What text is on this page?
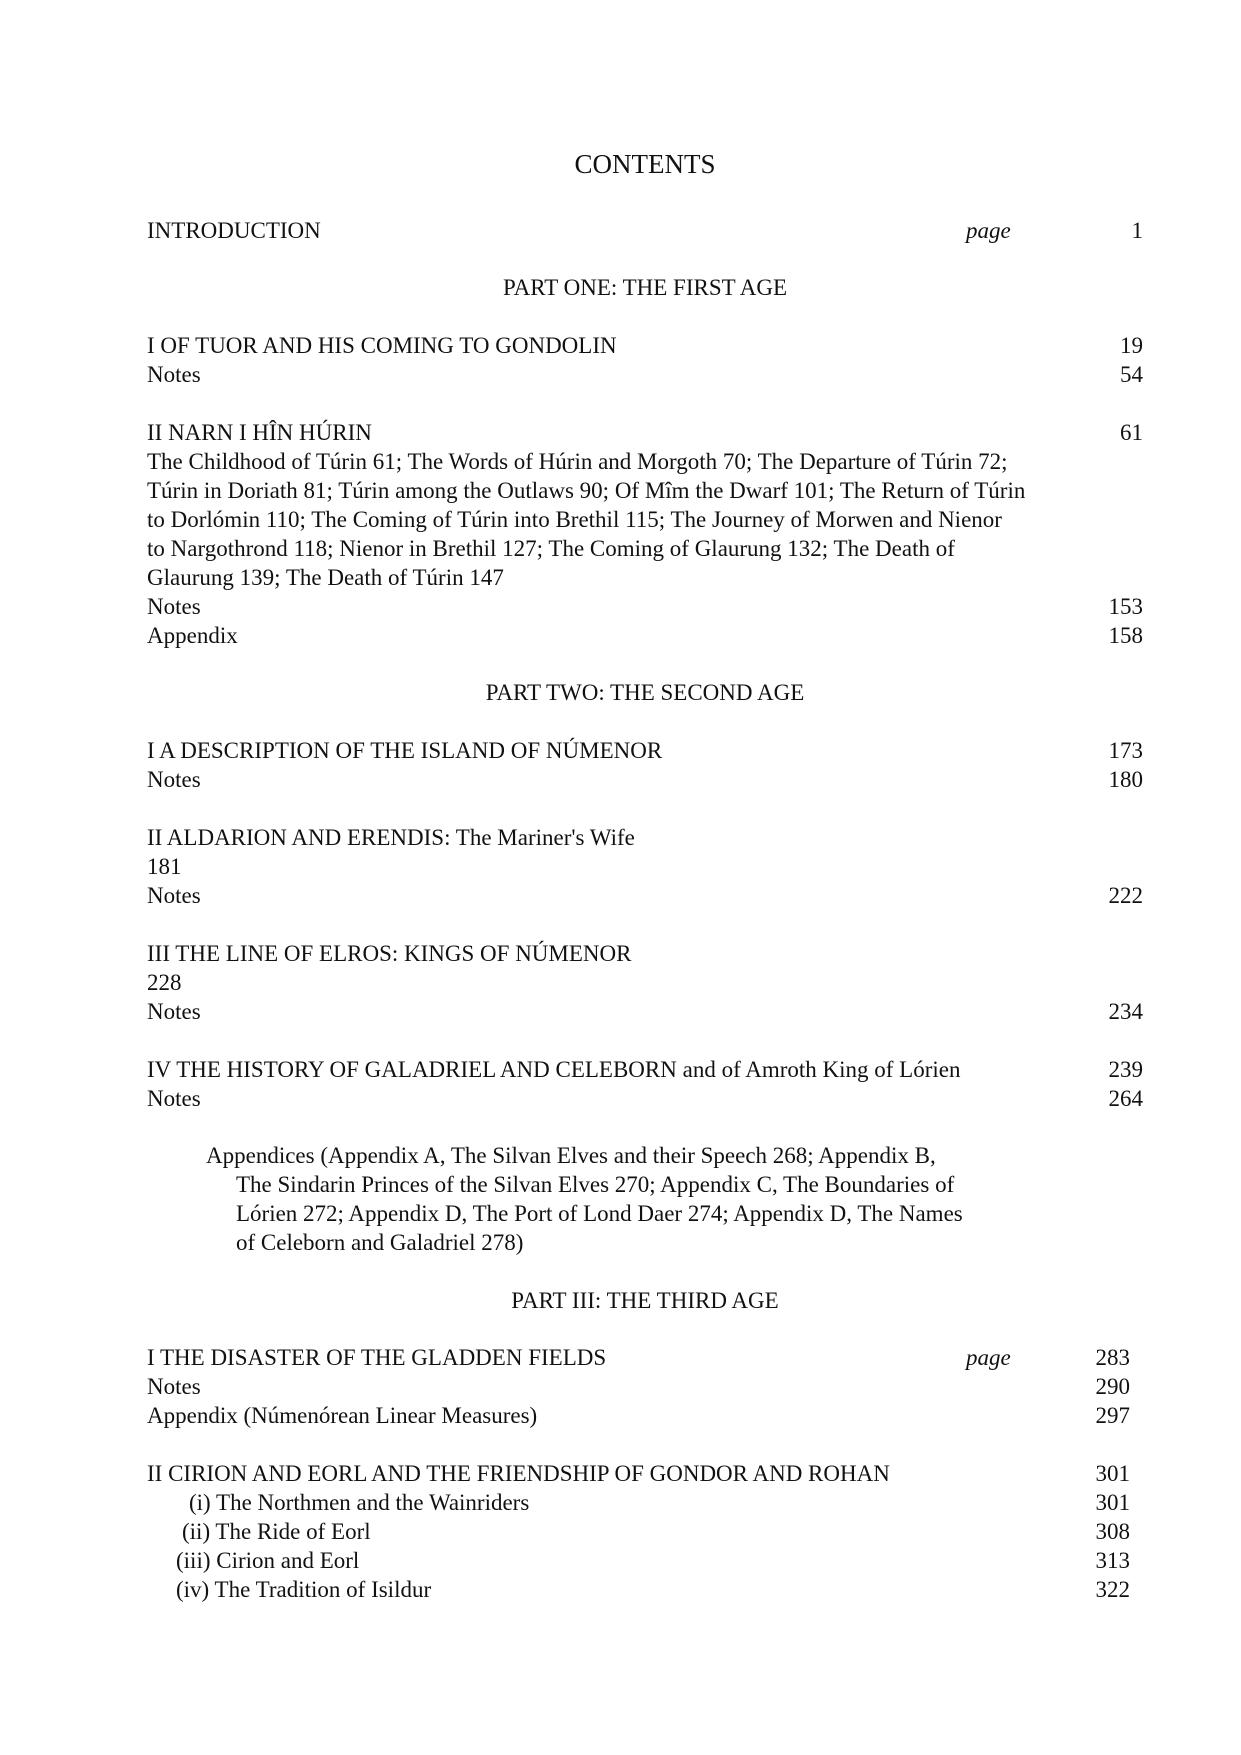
CONTENTS
INTRODUCTION	page	1
PART ONE: THE FIRST AGE
I OF TUOR AND HIS COMING TO GONDOLIN	19
Notes	54
II NARN I HÎN HÚRIN	61
The Childhood of Túrin 61; The Words of Húrin and Morgoth 70; The Departure of Túrin 72;
Túrin in Doriath 81; Túrin among the Outlaws 90; Of Mîm the Dwarf 101; The Return of Túrin
to Dorlómin 110; The Coming of Túrin into Brethil 115; The Journey of Morwen and Nienor
to Nargothrond 118; Nienor in Brethil 127; The Coming of Glaurung 132; The Death of
Glaurung 139; The Death of Túrin 147
Notes	153
Appendix	158
PART TWO: THE SECOND AGE
I A DESCRIPTION OF THE ISLAND OF NÚMENOR	173
Notes	180
II ALDARION AND ERENDIS: The Mariner's Wife
181
Notes	222
III THE LINE OF ELROS: KINGS OF NÚMENOR
228
Notes	234
IV THE HISTORY OF GALADRIEL AND CELEBORN and of Amroth King of Lórien	239
Notes	264
Appendices (Appendix A, The Silvan Elves and their Speech 268; Appendix B,
The Sindarin Princes of the Silvan Elves 270; Appendix C, The Boundaries of
Lórien 272; Appendix D, The Port of Lond Daer 274; Appendix D, The Names
of Celeborn and Galadriel 278)
PART III: THE THIRD AGE
I THE DISASTER OF THE GLADDEN FIELDS	page	283
Notes	290
Appendix (Númenórean Linear Measures)	297
II CIRION AND EORL AND THE FRIENDSHIP OF GONDOR AND ROHAN	301
(i) The Northmen and the Wainriders	301
(ii) The Ride of Eorl	308
(iii) Cirion and Eorl	313
(iv) The Tradition of Isildur	322
